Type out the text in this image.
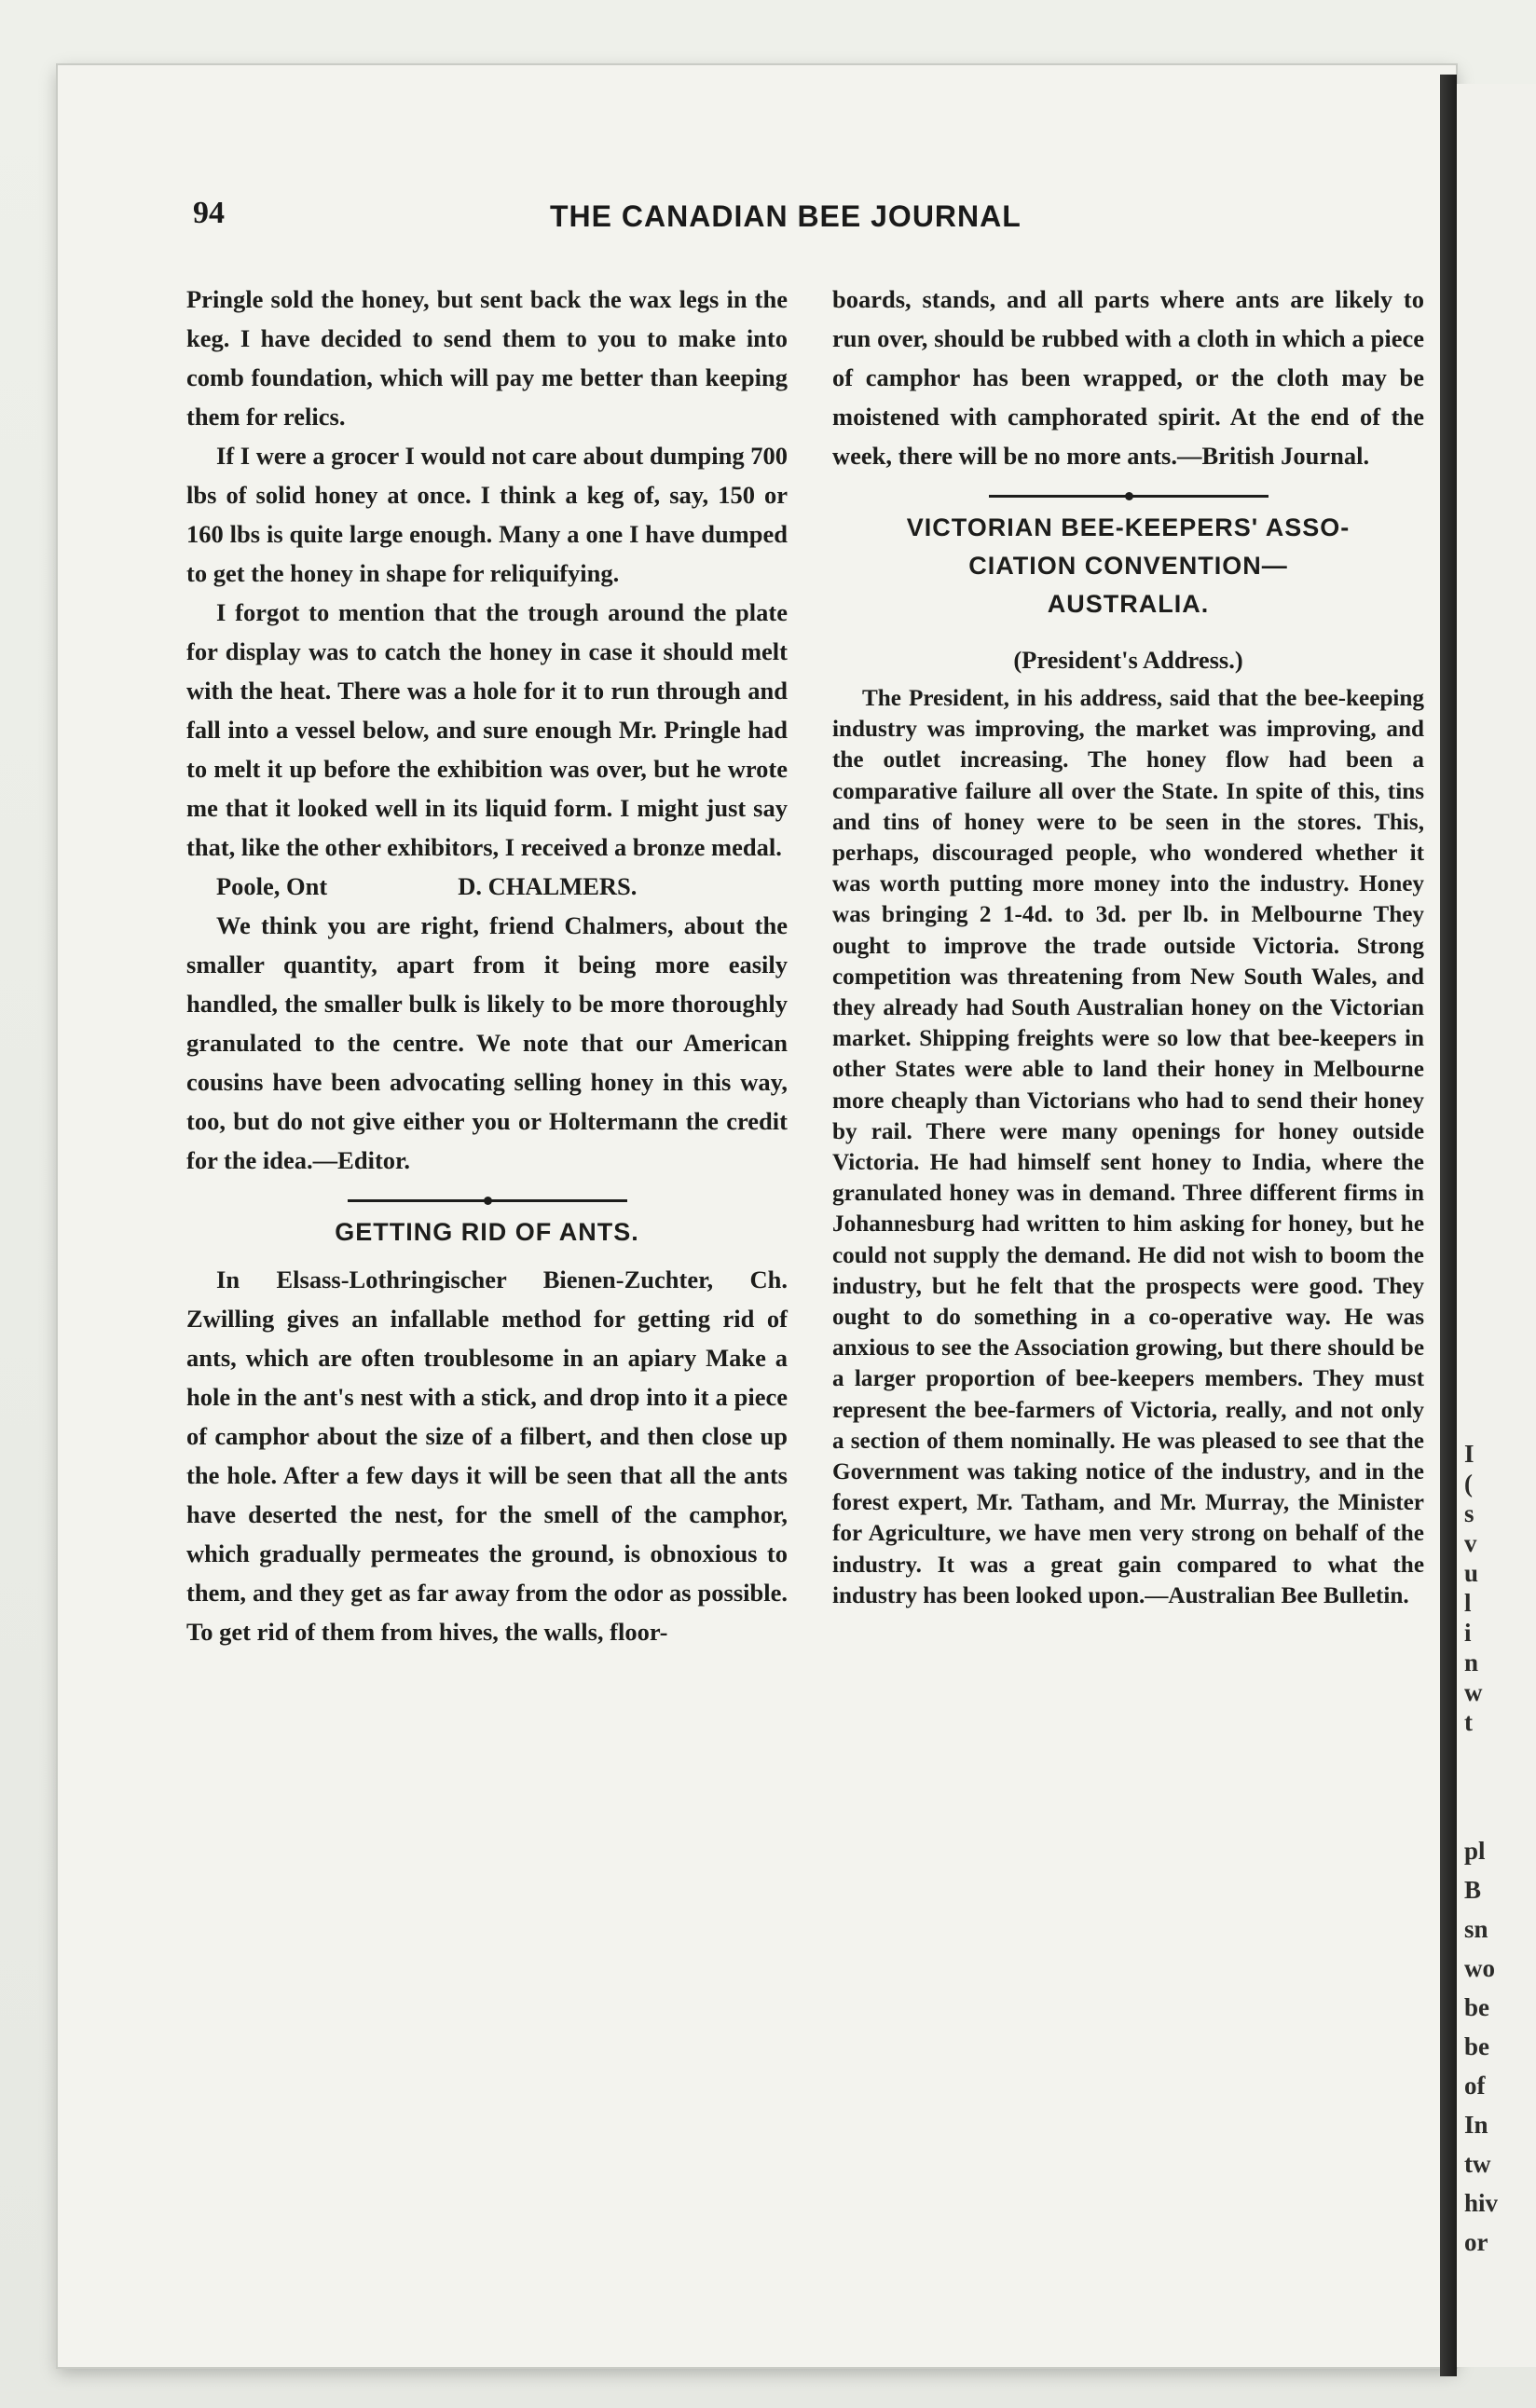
I
(
s
v
u
l
i
n
w
t
pl
B
sn
wo
be
be
of
In
tw
hiv
or
94	THE CANADIAN BEE JOURNAL

Pringle sold the honey, but sent back the wax legs in the keg. I have decided to send them to you to make into comb foundation, which will pay me better than keeping them for relics.

If I were a grocer I would not care about dumping 700 lbs of solid honey at once. I think a keg of, say, 150 or 160 lbs is quite large enough. Many a one I have dumped to get the honey in shape for reliquifying.

I forgot to mention that the trough around the plate for display was to catch the honey in case it should melt with the heat. There was a hole for it to run through and fall into a vessel below, and sure enough Mr. Pringle had to melt it up before the exhibition was over, but he wrote me that it looked well in its liquid form. I might just say that, like the other exhibitors, I received a bronze medal.

Poole, Ont	D. CHALMERS.

We think you are right, friend Chalmers, about the smaller quantity, apart from it being more easily handled, the smaller bulk is likely to be more thoroughly granulated to the centre. We note that our American cousins have been advocating selling honey in this way, too, but do not give either you or Holtermann the credit for the idea.—Editor.

GETTING RID OF ANTS.

In Elsass-Lothringischer Bienen-Zuchter, Ch. Zwilling gives an infallable method for getting rid of ants, which are often troublesome in an apiary Make a hole in the ant's nest with a stick, and drop into it a piece of camphor about the size of a filbert, and then close up the hole. After a few days it will be seen that all the ants have deserted the nest, for the smell of the camphor, which gradually permeates the ground, is obnoxious to them, and they get as far away from the odor as possible. To get rid of them from hives, the walls, floor-

boards, stands, and all parts where ants are likely to run over, should be rubbed with a cloth in which a piece of camphor has been wrapped, or the cloth may be moistened with camphorated spirit. At the end of the week, there will be no more ants.—British Journal.

VICTORIAN BEE-KEEPERS' ASSO-
CIATION CONVENTION—
AUSTRALIA.
(President's Address.)

The President, in his address, said that the bee-keeping industry was improving, the market was improving, and the outlet increasing. The honey flow had been a comparative failure all over the State. In spite of this, tins and tins of honey were to be seen in the stores. This, perhaps, discouraged people, who wondered whether it was worth putting more money into the industry. Honey was bringing 2 1-4d. to 3d. per lb. in Melbourne They ought to improve the trade outside Victoria. Strong competition was threatening from New South Wales, and they already had South Australian honey on the Victorian market. Shipping freights were so low that bee-keepers in other States were able to land their honey in Melbourne more cheaply than Victorians who had to send their honey by rail. There were many openings for honey outside Victoria. He had himself sent honey to India, where the granulated honey was in demand. Three different firms in Johannesburg had written to him asking for honey, but he could not supply the demand. He did not wish to boom the industry, but he felt that the prospects were good. They ought to do something in a co-operative way. He was anxious to see the Association growing, but there should be a larger proportion of bee-keepers members. They must represent the bee-farmers of Victoria, really, and not only a section of them nominally. He was pleased to see that the Government was taking notice of the industry, and in the forest expert, Mr. Tatham, and Mr. Murray, the Minister for Agriculture, we have men very strong on behalf of the industry. It was a great gain compared to what the industry has been looked upon.—Australian Bee Bulletin.
